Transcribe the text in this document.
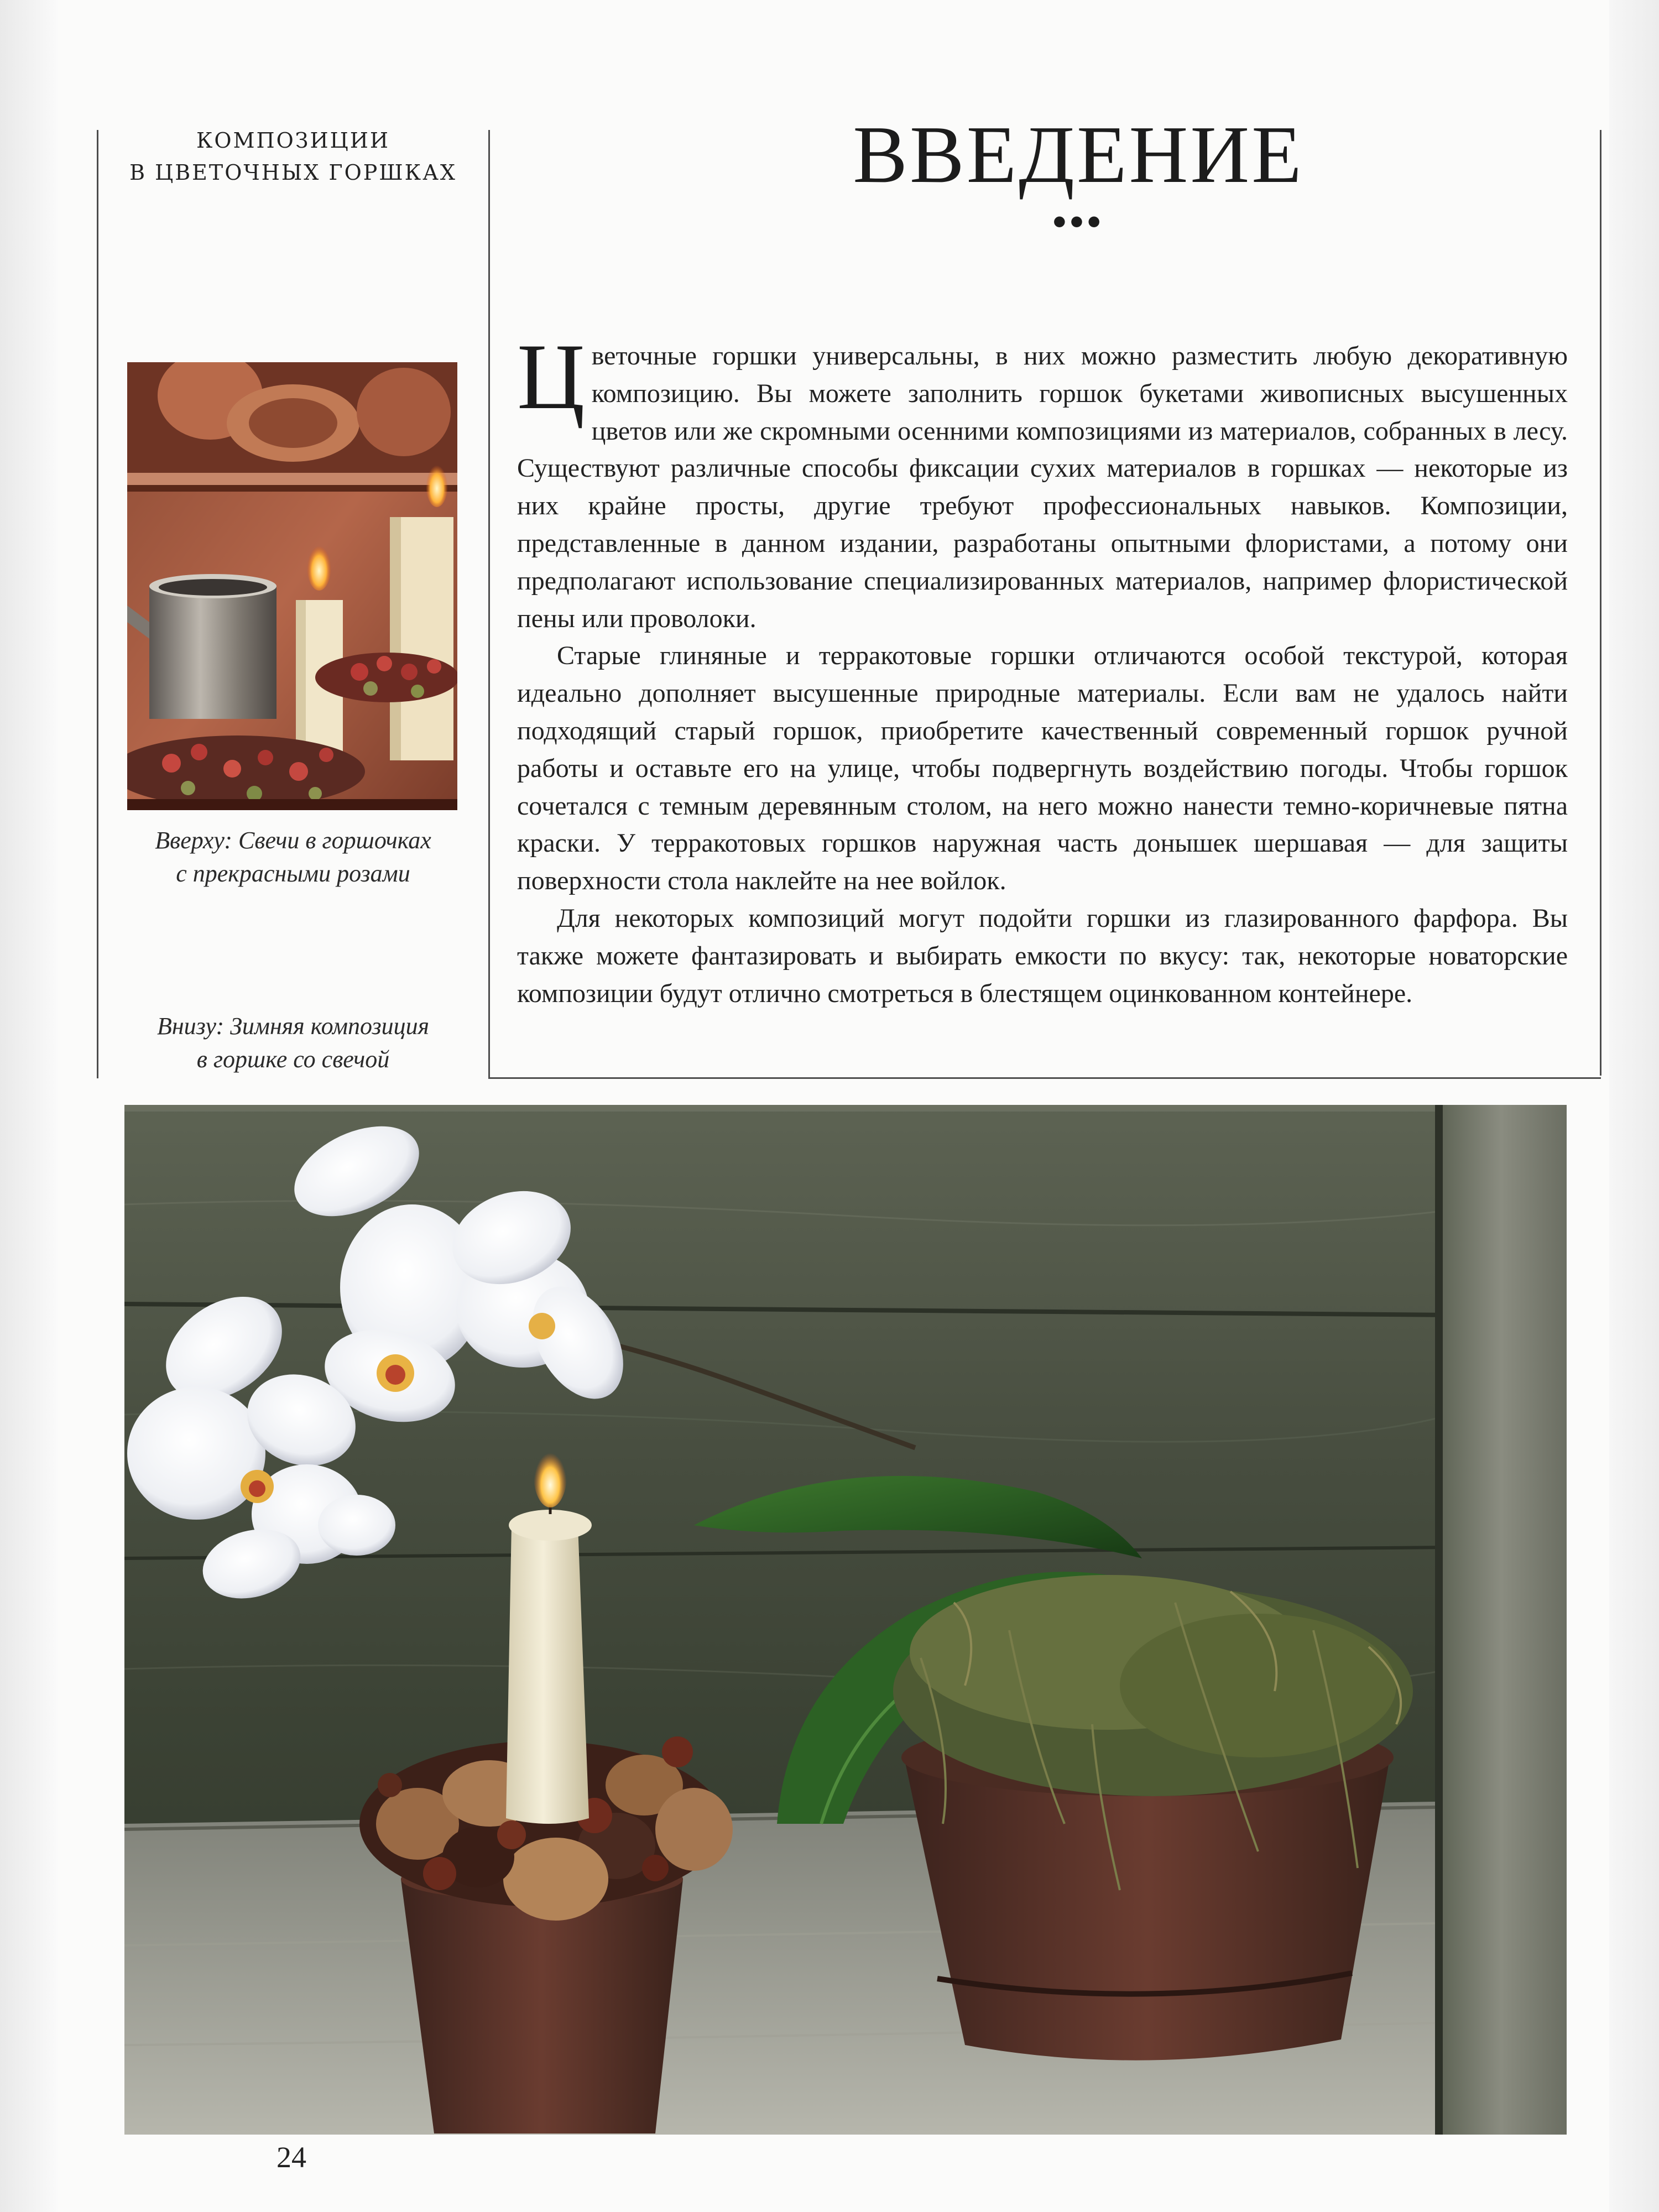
КОМПОЗИЦИИ
В ЦВЕТОЧНЫХ ГОРШКАХ	ВВЕДЕНИЕ
•••
Вверху: Свечи в горшочках
с прекрасными розами
Внизу: Зимняя композиция
в горшке со свечой

Цветочные горшки универсальны, в них можно разместить любую декоративную композицию. Вы можете заполнить горшок букетами живописных высушенных цветов или же скромными осенними композициями из материалов, собранных в лесу. Существуют различные способы фиксации сухих материалов в горшках — некоторые из них крайне просты, другие требуют профессиональных навыков. Композиции, представленные в данном издании, разработаны опытными флористами, а потому они предполагают использование специализированных материалов, например флористической пены или проволоки.

Старые глиняные и терракотовые горшки отличаются особой текстурой, которая идеально дополняет высушенные природные материалы. Если вам не удалось найти подходящий старый горшок, приобретите качественный современный горшок ручной работы и оставьте его на улице, чтобы подвергнуть воздействию погоды. Чтобы горшок сочетался с темным деревянным столом, на него можно нанести темно-коричневые пятна краски. У терракотовых горшков наружная часть донышек шершавая — для защиты поверхности стола наклейте на нее войлок.

Для некоторых композиций могут подойти горшки из глазированного фарфора. Вы также можете фантазировать и выбирать емкости по вкусу: так, некоторые новаторские композиции будут отлично смотреться в блестящем оцинкованном контейнере.

24
